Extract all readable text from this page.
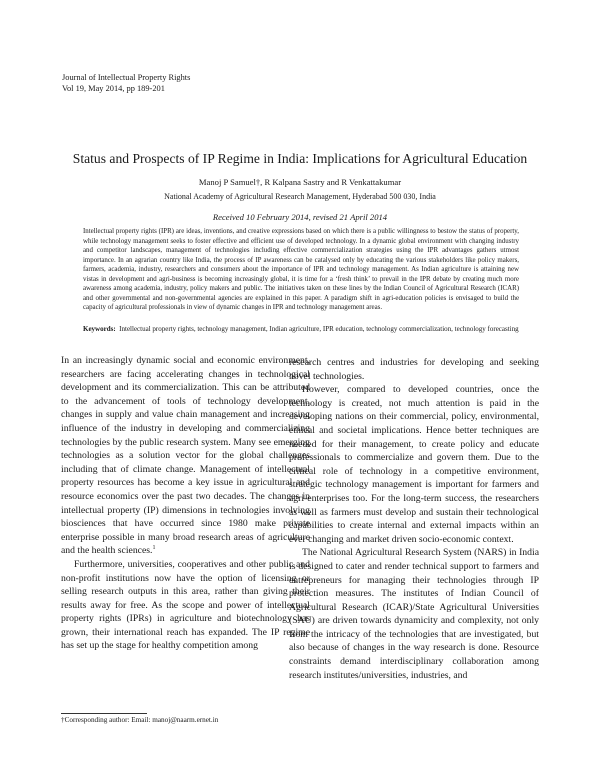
Journal of Intellectual Property Rights
Vol 19, May 2014, pp 189-201
Status and Prospects of IP Regime in India: Implications for Agricultural Education
Manoj P Samuel†, R Kalpana Sastry and R Venkattakumar
National Academy of Agricultural Research Management, Hyderabad 500 030, India
Received 10 February 2014, revised 21 April 2014

Intellectual property rights (IPR) are ideas, inventions, and creative expressions based on which there is a public willingness to bestow the status of property, while technology management seeks to foster effective and efficient use of developed technology. In a dynamic global environment with changing industry and competitor landscapes, management of technologies including effective commercialization strategies using the IPR advantages gathers utmost importance. In an agrarian country like India, the process of IP awareness can be catalysed only by educating the various stakeholders like policy makers, farmers, academia, industry, researchers and consumers about the importance of IPR and technology management. As Indian agriculture is attaining new vistas in development and agri-business is becoming increasingly global, it is time for a ‘fresh think’ to prevail in the IPR debate by creating much more awareness among academia, industry, policy makers and public. The initiatives taken on these lines by the Indian Council of Agricultural Research (ICAR) and other governmental and non-governmental agencies are explained in this paper. A paradigm shift in agri-education policies is envisaged to build the capacity of agricultural professionals in view of dynamic changes in IPR and technology management areas.

Keywords: Intellectual property rights, technology management, Indian agriculture, IPR education, technology commercialization, technology forecasting

In an increasingly dynamic social and economic environment, researchers are facing accelerating changes in technological development and its commercialization. This can be attributed to the advancement of tools of technology development, changes in supply and value chain management and increasing influence of the industry in developing and commercializing technologies by the public research system. Many see emerging technologies as a solution vector for the global challenges including that of climate change. Management of intellectual property resources has become a key issue in agricultural and resource economics over the past two decades. The changes in intellectual property (IP) dimensions in technologies involving biosciences that have occurred since 1980 make private enterprise possible in many broad research areas of agriculture and the health sciences.$^1$

Furthermore, universities, cooperatives and other public and non-profit institutions now have the option of licensing or selling research outputs in this area, rather than giving their results away for free. As the scope and power of intellectual property rights (IPRs) in agriculture and biotechnology has grown, their international reach has expanded. The IP regime has set up the stage for healthy competition among

research centres and industries for developing and seeking novel technologies.

However, compared to developed countries, once the technology is created, not much attention is paid in the developing nations on their commercial, policy, environmental, ethical and societal implications. Hence better techniques are needed for their management, to create policy and educate professionals to commercialize and govern them. Due to the critical role of technology in a competitive environment, strategic technology management is important for farmers and agri-enterprises too. For the long-term success, the researchers as well as farmers must develop and sustain their technological capabilities to create internal and external impacts within an ever changing and market driven socio-economic context.

The National Agricultural Research System (NARS) in India is designed to cater and render technical support to farmers and entrepreneurs for managing their technologies through IP protection measures. The institutes of Indian Council of Agricultural Research (ICAR)/State Agricultural Universities (SAU) are driven towards dynamicity and complexity, not only from the intricacy of the technologies that are investigated, but also because of changes in the way research is done. Resource constraints demand interdisciplinary collaboration among research institutes/universities, industries, and

†Corresponding author: Email: manoj@naarm.ernet.in
